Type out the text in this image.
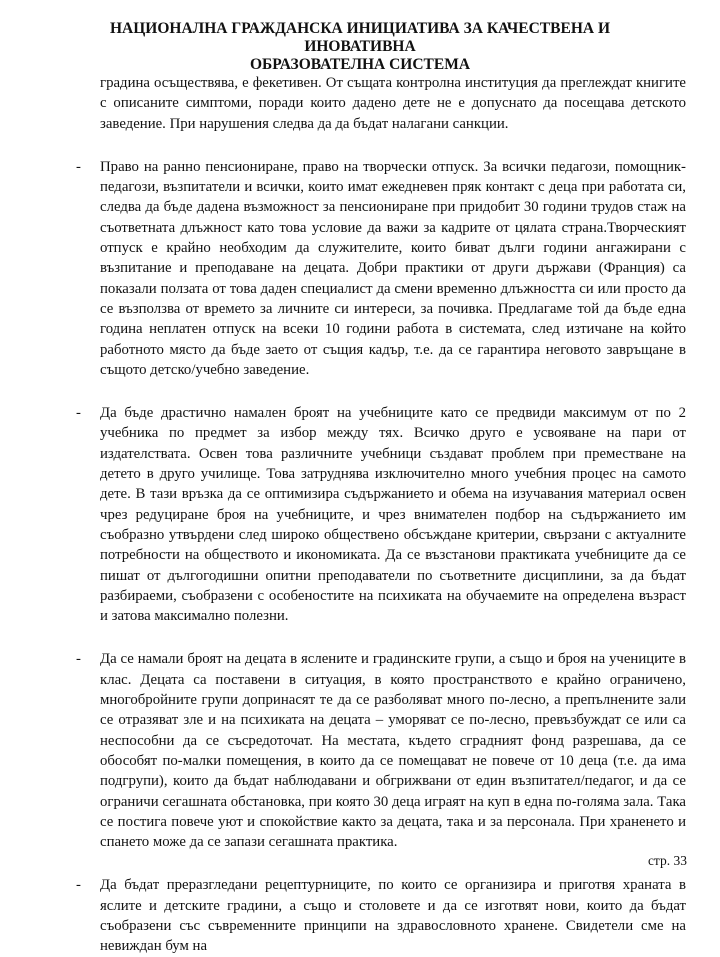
НАЦИОНАЛНА ГРАЖДАНСКА ИНИЦИАТИВА ЗА КАЧЕСТВЕНА И ИНОВАТИВНА
ОБРАЗОВАТЕЛНА СИСТЕМА

градина осъществява, е фекетивен. От същата контролна институция да преглеждат книгите с описаните симптоми, поради които дадено дете не е допуснато да посещава детското заведение. При нарушения следва да да бъдат налагани санкции.

- Право на ранно пенсиониране, право на творчески отпуск. За всички педагози, помощник-педагози, възпитатели и всички, които имат ежедневен пряк контакт с деца при работата си, следва да бъде дадена възможност за пенсиониране при придобит 30 години трудов стаж на съответната длъжност като това условие да важи за кадрите от цялата страна.Творческият отпуск е крайно необходим да служителите, които биват дълги години ангажирани с възпитание и преподаване на децата. Добри практики от други държави (Франция) са показали ползата от това даден специалист да смени временно длъжността си или просто да се възползва от времето за личните си интереси, за почивка. Предлагаме той да бъде една година неплатен отпуск на всеки 10 години работа в системата, след изтичане на който работното място да бъде заето от същия кадър, т.е. да се гарантира неговото завръщане в същото детско/учебно заведение.

- Да бъде драстично намален броят на учебниците като се предвиди максимум от по 2 учебника по предмет за избор между тях. Всичко друго е усвояване на пари от издателствата. Освен това различните учебници създават проблем при преместване на детето в друго училище. Това затруднява изключително много учебния процес на самото дете. В тази връзка да се оптимизира съдържанието и обема на изучавания материал освен чрез редуциране броя на учебниците, и чрез внимателен подбор на съдържанието им съобразно утвърдени след широко обществено обсъждане критерии, свързани с актуалните потребности на обществото и икономиката. Да се възстанови практиката учебниците да се пишат от дългогодишни опитни преподаватели по съответните дисциплини, за да бъдат разбираеми, съобразени с особеностите на психиката на обучаемите на определена възраст и затова максимално полезни.

- Да се намали броят на децата в яслените и градинските групи, а също и броя на учениците в клас. Децата са поставени в ситуация, в която пространството е крайно ограничено, многобройните групи допринасят те да се разболяват много по-лесно, а препълнените зали се отразяват зле и на психиката на децата – уморяват се по-лесно, превъзбуждат се или са неспособни да се съсредоточат. На местата, където сградният фонд разрешава, да се обособят по-малки помещения, в които да се помещават не повече от 10 деца (т.е. да има подгрупи), които да бъдат наблюдавани и обгрижвани от един възпитател/педагог, и да се ограничи сегашната обстановка, при която 30 деца играят на куп в една по-голяма зала. Така се постига повече уют и спокойствие както за децата, така и за персонала. При храненето и спането може да се запази сегашната практика.

- Да бъдат преразгледани рецептурниците, по които се организира и приготвя храната в яслите и детските градини, а също и столовете и да се изготвят нови, които да бъдат съобразени със съвременните принципи на здравословното хранене. Свидетели сме на невиждан бум на

стр. 33
